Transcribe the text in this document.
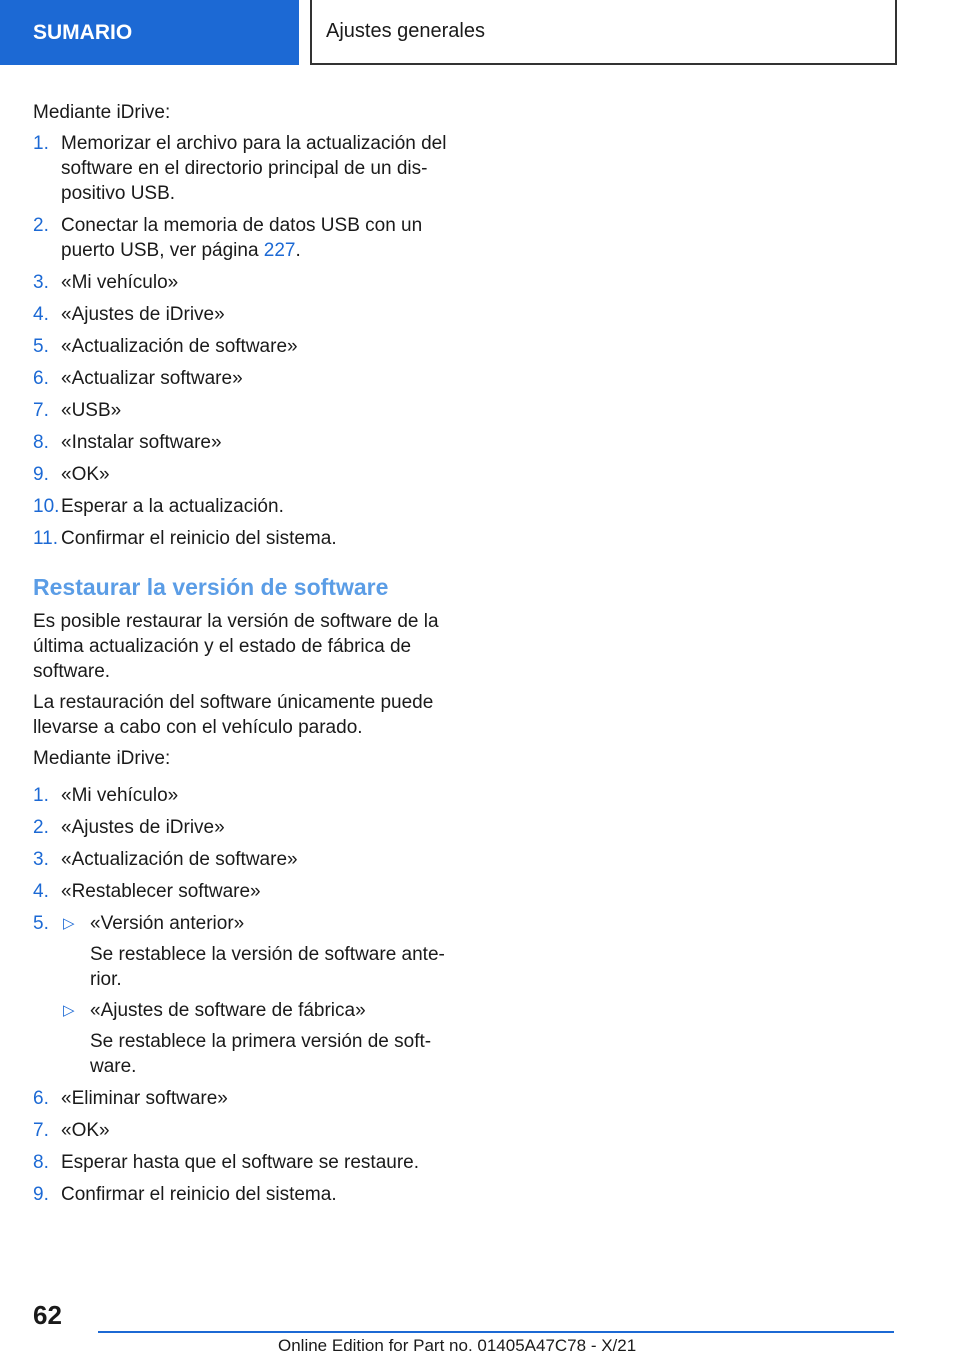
SUMARIO	Ajustes generales

Mediante iDrive:

1. Memorizar el archivo para la actualización del software en el directorio principal de un dis-positivo USB.
2. Conectar la memoria de datos USB con un puerto USB, ver página 227.
3. «Mi vehículo»
4. «Ajustes de iDrive»
5. «Actualización de software»
6. «Actualizar software»
7. «USB»
8. «Instalar software»
9. «OK»
10. Esperar a la actualización.
11. Confirmar el reinicio del sistema.
Restaurar la versión de software

Es posible restaurar la versión de software de la última actualización y el estado de fábrica de software.

La restauración del software únicamente puede llevarse a cabo con el vehículo parado.

Mediante iDrive:

1. «Mi vehículo»
2. «Ajustes de iDrive»
3. «Actualización de software»
4. «Restablecer software»
5. ▷ «Versión anterior»
Se restablece la versión de software ante-rior.
▷ «Ajustes de software de fábrica»
Se restablece la primera versión de soft-ware.
6. «Eliminar software»
7. «OK»
8. Esperar hasta que el software se restaure.
9. Confirmar el reinicio del sistema.
62
Online Edition for Part no. 01405A47C78 - X/21
